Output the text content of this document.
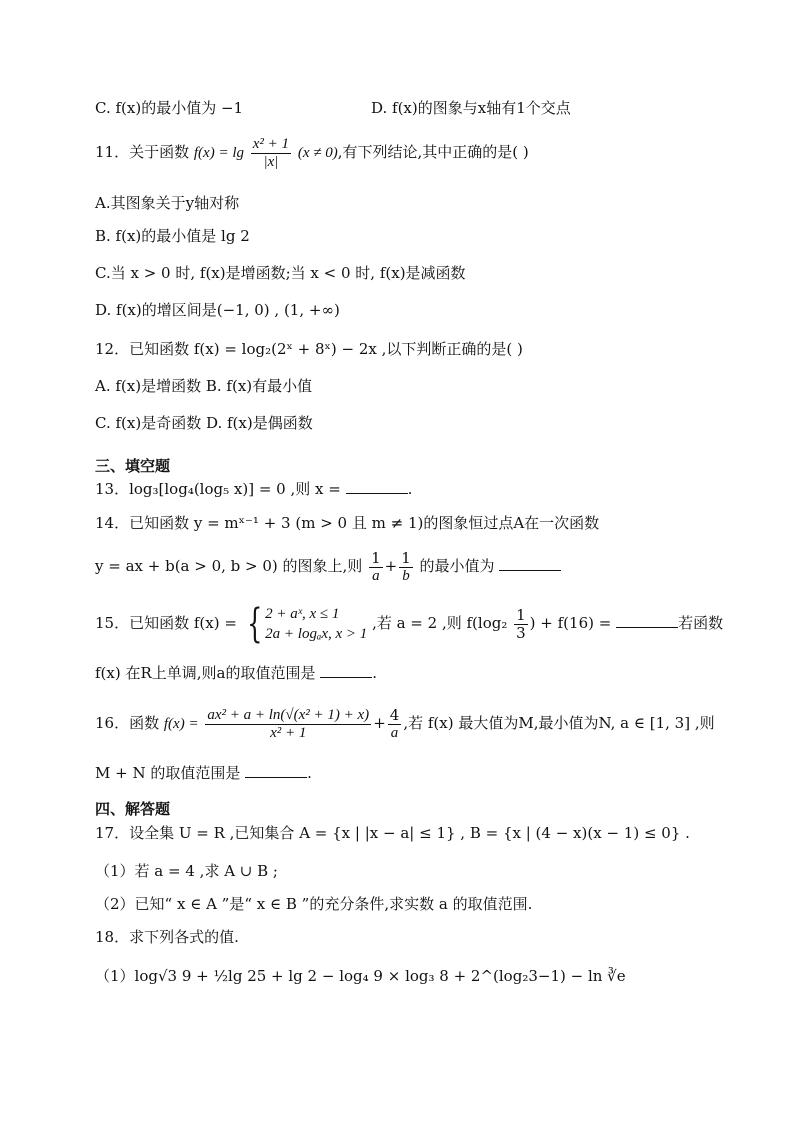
C. f(x)的最小值为 −1	D. f(x)的图象与x轴有1个交点
11．关于函数 $f(x) = \lg \frac{\text{x² + 1}}{|x|} (x \ne 0)$,有下列结论,其中正确的是( )
A.其图象关于y轴对称
B. f(x)的最小值是 lg 2
C.当 x > 0 时, f(x)是增函数;当 x < 0 时, f(x)是减函数
D. f(x)的增区间是(−1, 0) , (1, +∞)
12．已知函数 f(x) = log₂(2ˣ + 8ˣ) − 2x ,以下判断正确的是( )
A. f(x)是增函数 B. f(x)有最小值
C. f(x)是奇函数 D. f(x)是偶函数
三、填空题
13．log₃[log₄(log₅ x)] = 0 ,则 x =	.
14．已知函数 y = mˣ⁻¹ + 3 (m > 0 且 m ≠ 1)的图象恒过点A在一次函数
y = ax + b(a > 0, b > 0) 的图象上,则 $\frac{1}{a} + \frac{1}{b}$ 的最小值为
15．已知函数 f(x) = { 2 + aˣ, x ≤ 1
2a + logₐx, x > 1
,若 a = 2 ,则 $f(\log_2 \frac{1}{3}$ ) + f(16) =	若函数
f(x) 在R上单调,则a的取值范围是	.
16．函数 $f(x) = \frac{\text{ax² + a + ln(√(x² + 1) + x)}}{\text{x² + 1}} + \frac{4}{a}$ ,若 f(x) 最大值为M,最小值为N, a ∈ [1, 3] ,则
M + N 的取值范围是	.
四、解答题
17．设全集 U = R ,已知集合 A = {x | |x − a| ≤ 1} , B = {x | (4 − x)(x − 1) ≤ 0} .
（1）若 a = 4 ,求 A ∪ B ;
（2）已知“ x ∈ A ”是“ x ∈ B ”的充分条件,求实数 a 的取值范围.
18．求下列各式的值.
（1）log√3 9 + ½lg 25 + lg 2 − log₄ 9 × log₃ 8 + 2^(log₂3−1) − ln ∛e
